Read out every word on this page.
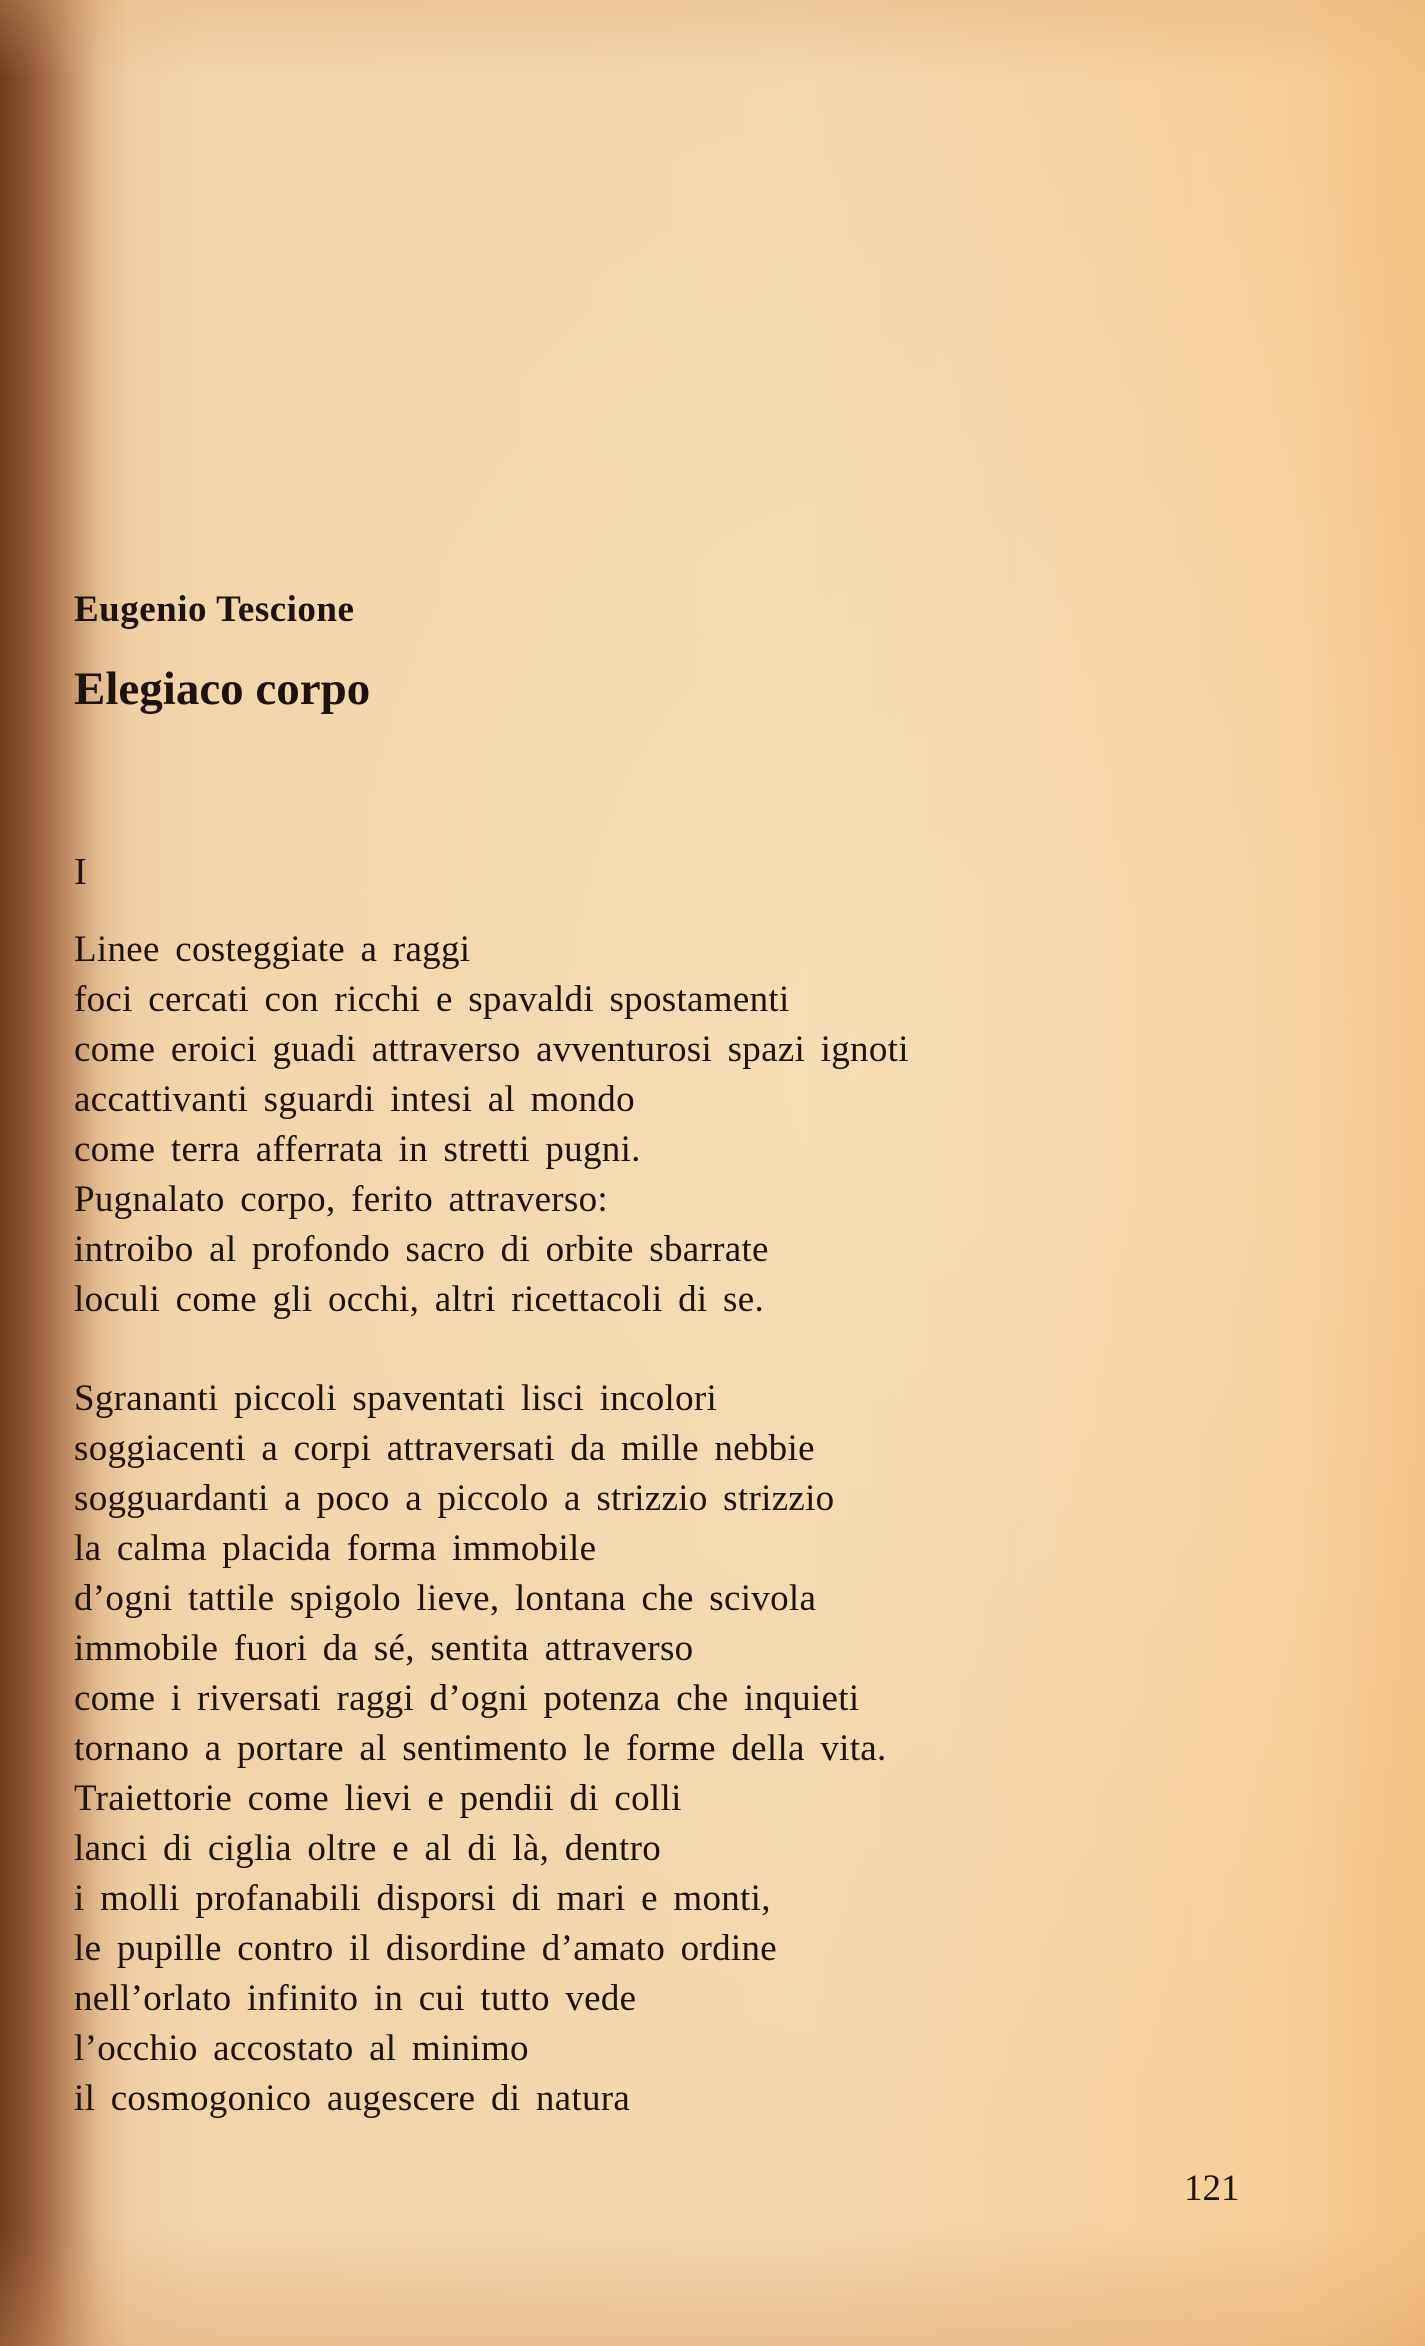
Eugenio Tescione
Elegiaco corpo
I
Linee costeggiate a raggi
foci cercati con ricchi e spavaldi spostamenti
come eroici guadi attraverso avventurosi spazi ignoti
accattivanti sguardi intesi al mondo
come terra afferrata in stretti pugni.
Pugnalato corpo, ferito attraverso:
introibo al profondo sacro di orbite sbarrate
loculi come gli occhi, altri ricettacoli di se.
Sgrananti piccoli spaventati lisci incolori
soggiacenti a corpi attraversati da mille nebbie
sogguardanti a poco a piccolo a strizzio strizzio
la calma placida forma immobile
d’ogni tattile spigolo lieve, lontana che scivola
immobile fuori da sé, sentita attraverso
come i riversati raggi d’ogni potenza che inquieti
tornano a portare al sentimento le forme della vita.
Traiettorie come lievi e pendii di colli
lanci di ciglia oltre e al di là, dentro
i molli profanabili disporsi di mari e monti,
le pupille contro il disordine d’amato ordine
nell’orlato infinito in cui tutto vede
l’occhio accostato al minimo
il cosmogonico augescere di natura
121
